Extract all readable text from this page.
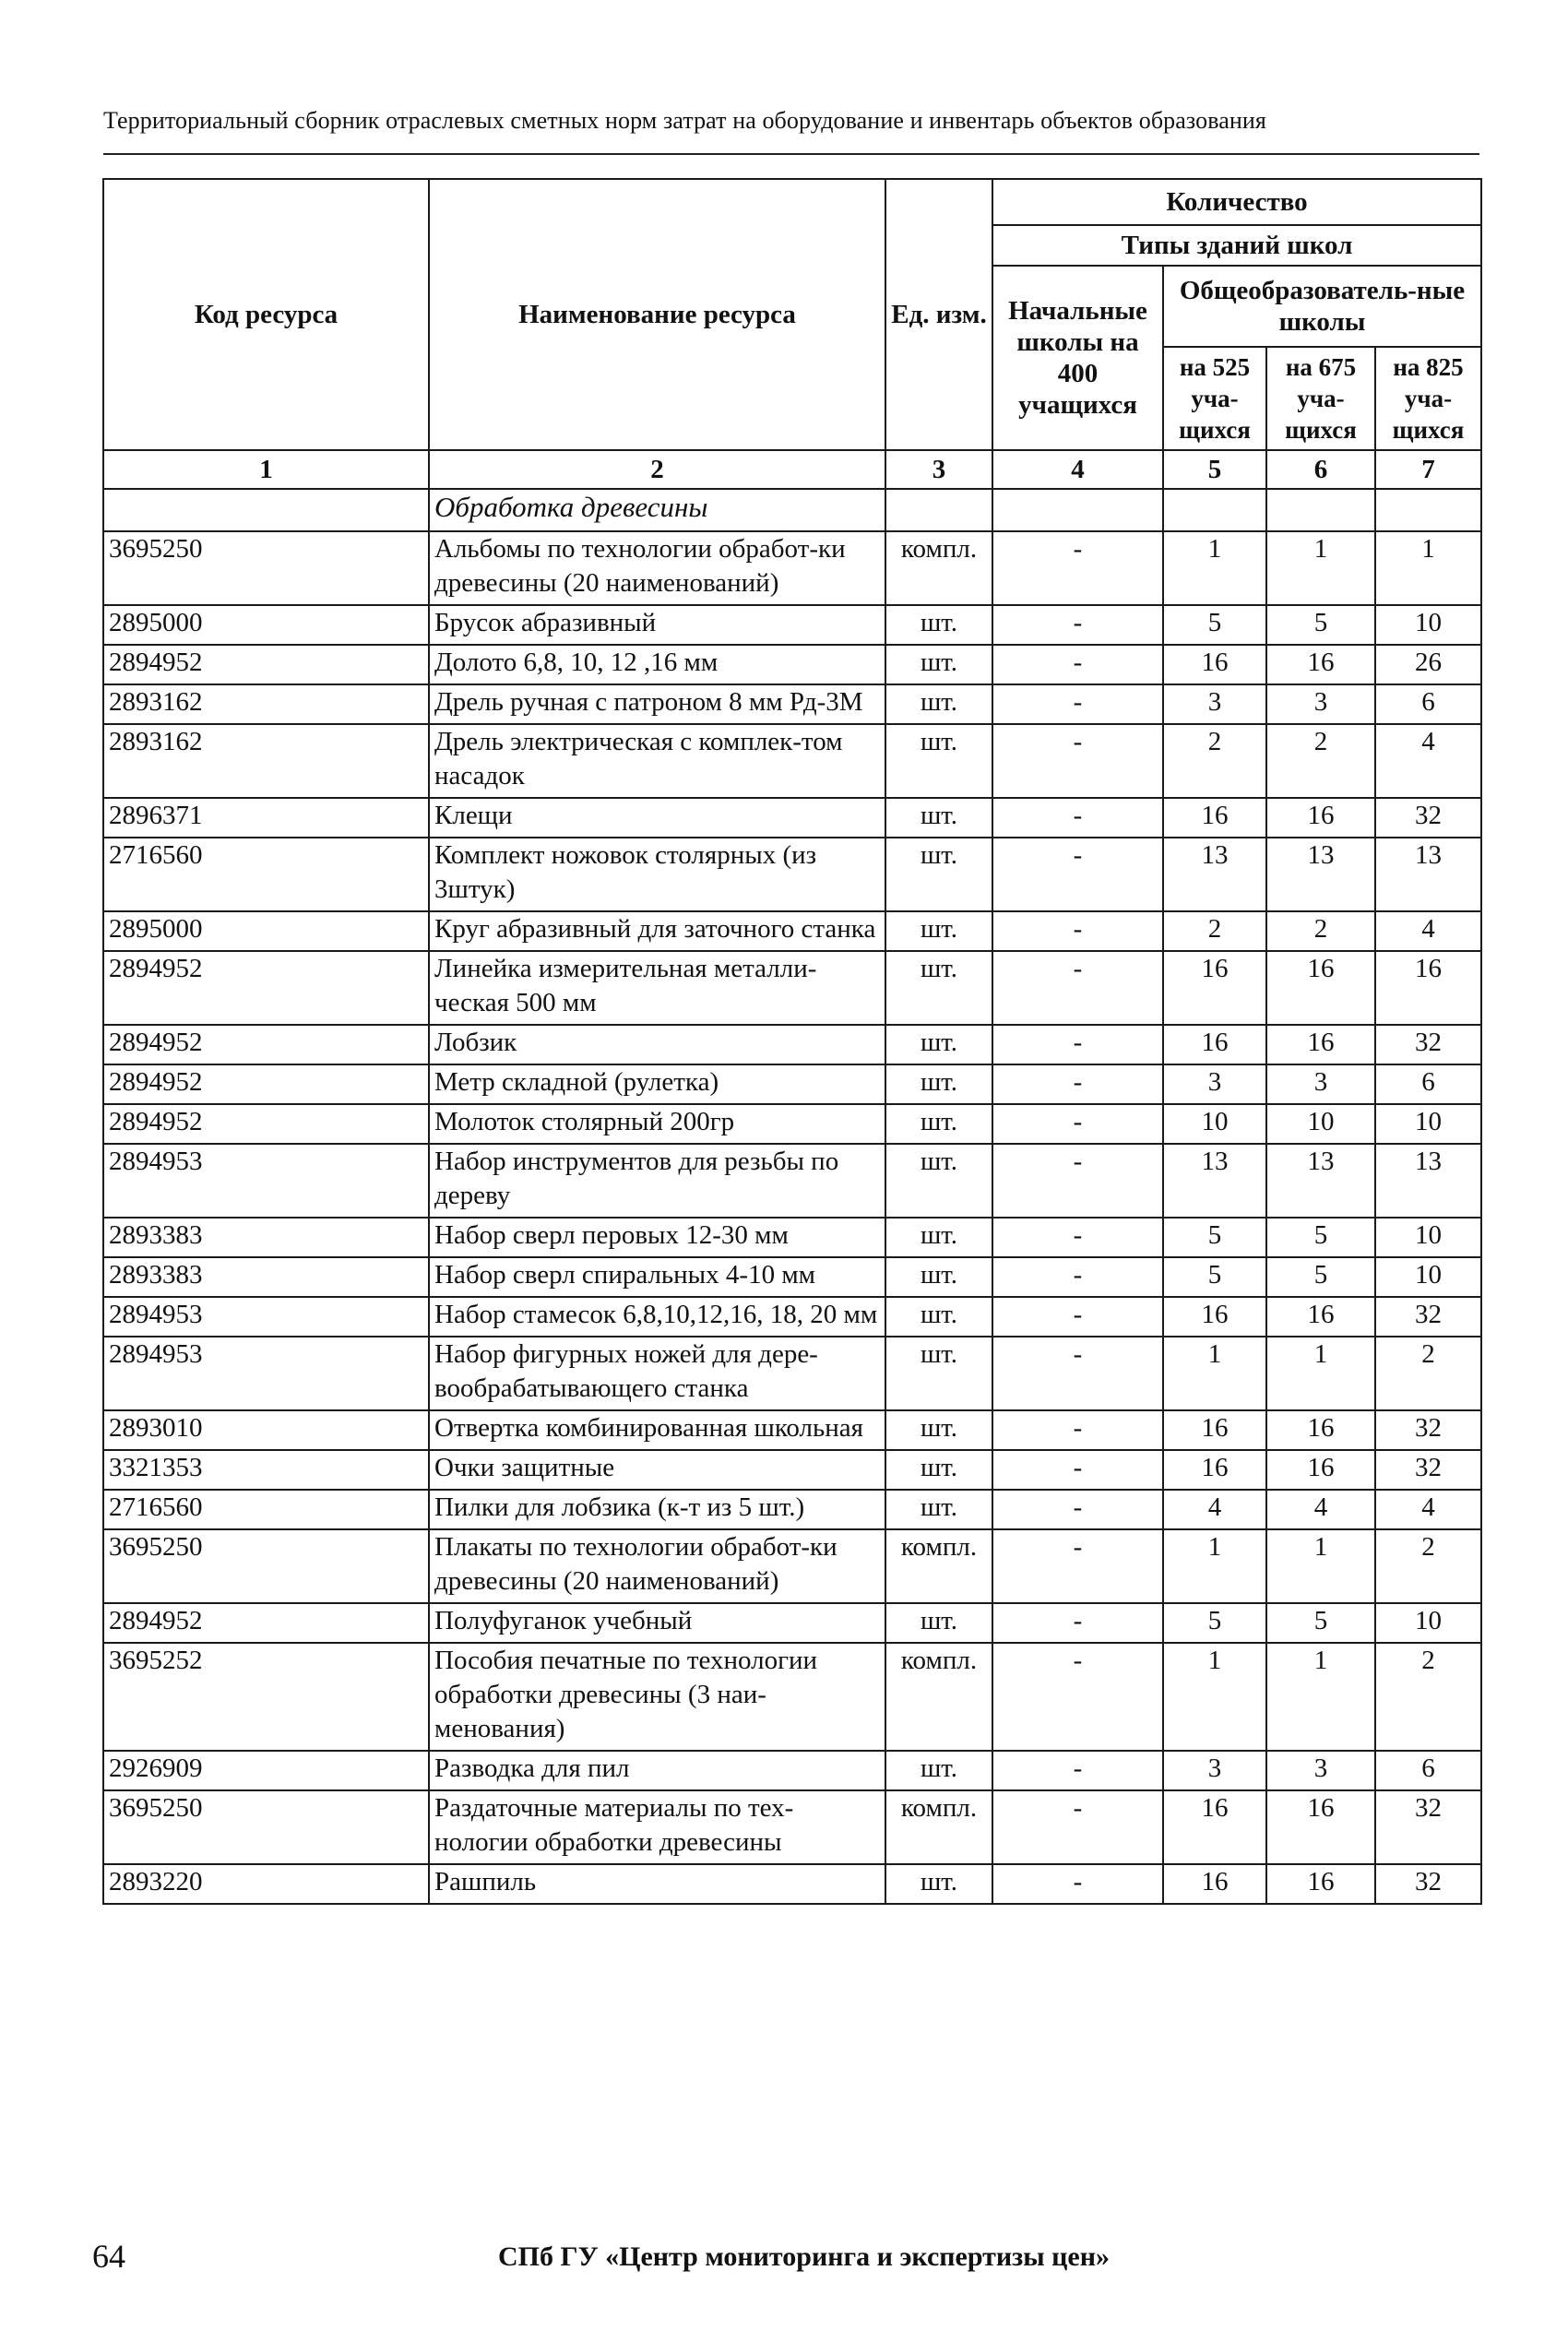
Территориальный сборник отраслевых сметных норм затрат на оборудование и инвентарь объектов образования
Код ресурса	Наименование ресурса	Ед. изм.	Количество			
			Типы зданий школ			
			Начальные школы на 400 учащихся	Общеобразователь-ные школы		
				на 525 уча-щихся	на 675 уча-щихся	на 825 уча-щихся
1	2	3	4	5	6	7
	Обработка древесины					
3695250	Альбомы по технологии обработ-ки древесины (20 наименований)	компл.	-	1	1	1
2895000	Брусок абразивный	шт.	-	5	5	10
2894952	Долото 6,8, 10, 12 ,16 мм	шт.	-	16	16	26
2893162	Дрель ручная с патроном 8 мм Рд-3М	шт.	-	3	3	6
2893162	Дрель электрическая с комплек-том насадок	шт.	-	2	2	4
2896371	Клещи	шт.	-	16	16	32
2716560	Комплект ножовок столярных (из 3штук)	шт.	-	13	13	13
2895000	Круг абразивный для заточного станка	шт.	-	2	2	4
2894952	Линейка измерительная металли-ческая 500 мм	шт.	-	16	16	16
2894952	Лобзик	шт.	-	16	16	32
2894952	Метр складной (рулетка)	шт.	-	3	3	6
2894952	Молоток столярный 200гр	шт.	-	10	10	10
2894953	Набор инструментов для резьбы по дереву	шт.	-	13	13	13
2893383	Набор сверл перовых 12-30 мм	шт.	-	5	5	10
2893383	Набор сверл спиральных 4-10 мм	шт.	-	5	5	10
2894953	Набор стамесок 6,8,10,12,16, 18, 20 мм	шт.	-	16	16	32
2894953	Набор фигурных ножей для дере-вообрабатывающего станка	шт.	-	1	1	2
2893010	Отвертка комбинированная школьная	шт.	-	16	16	32
3321353	Очки защитные	шт.	-	16	16	32
2716560	Пилки для лобзика (к-т из 5 шт.)	шт.	-	4	4	4
3695250	Плакаты по технологии обработ-ки древесины (20 наименований)	компл.	-	1	1	2
2894952	Полуфуганок учебный	шт.	-	5	5	10
3695252	Пособия печатные по технологии обработки древесины (3 наи-менования)	компл.	-	1	1	2
2926909	Разводка для пил	шт.	-	3	3	6
3695250	Раздаточные материалы по тех-нологии обработки древесины	компл.	-	16	16	32
2893220	Рашпиль	шт.	-	16	16	32
64	СПб ГУ «Центр мониторинга и экспертизы цен»
